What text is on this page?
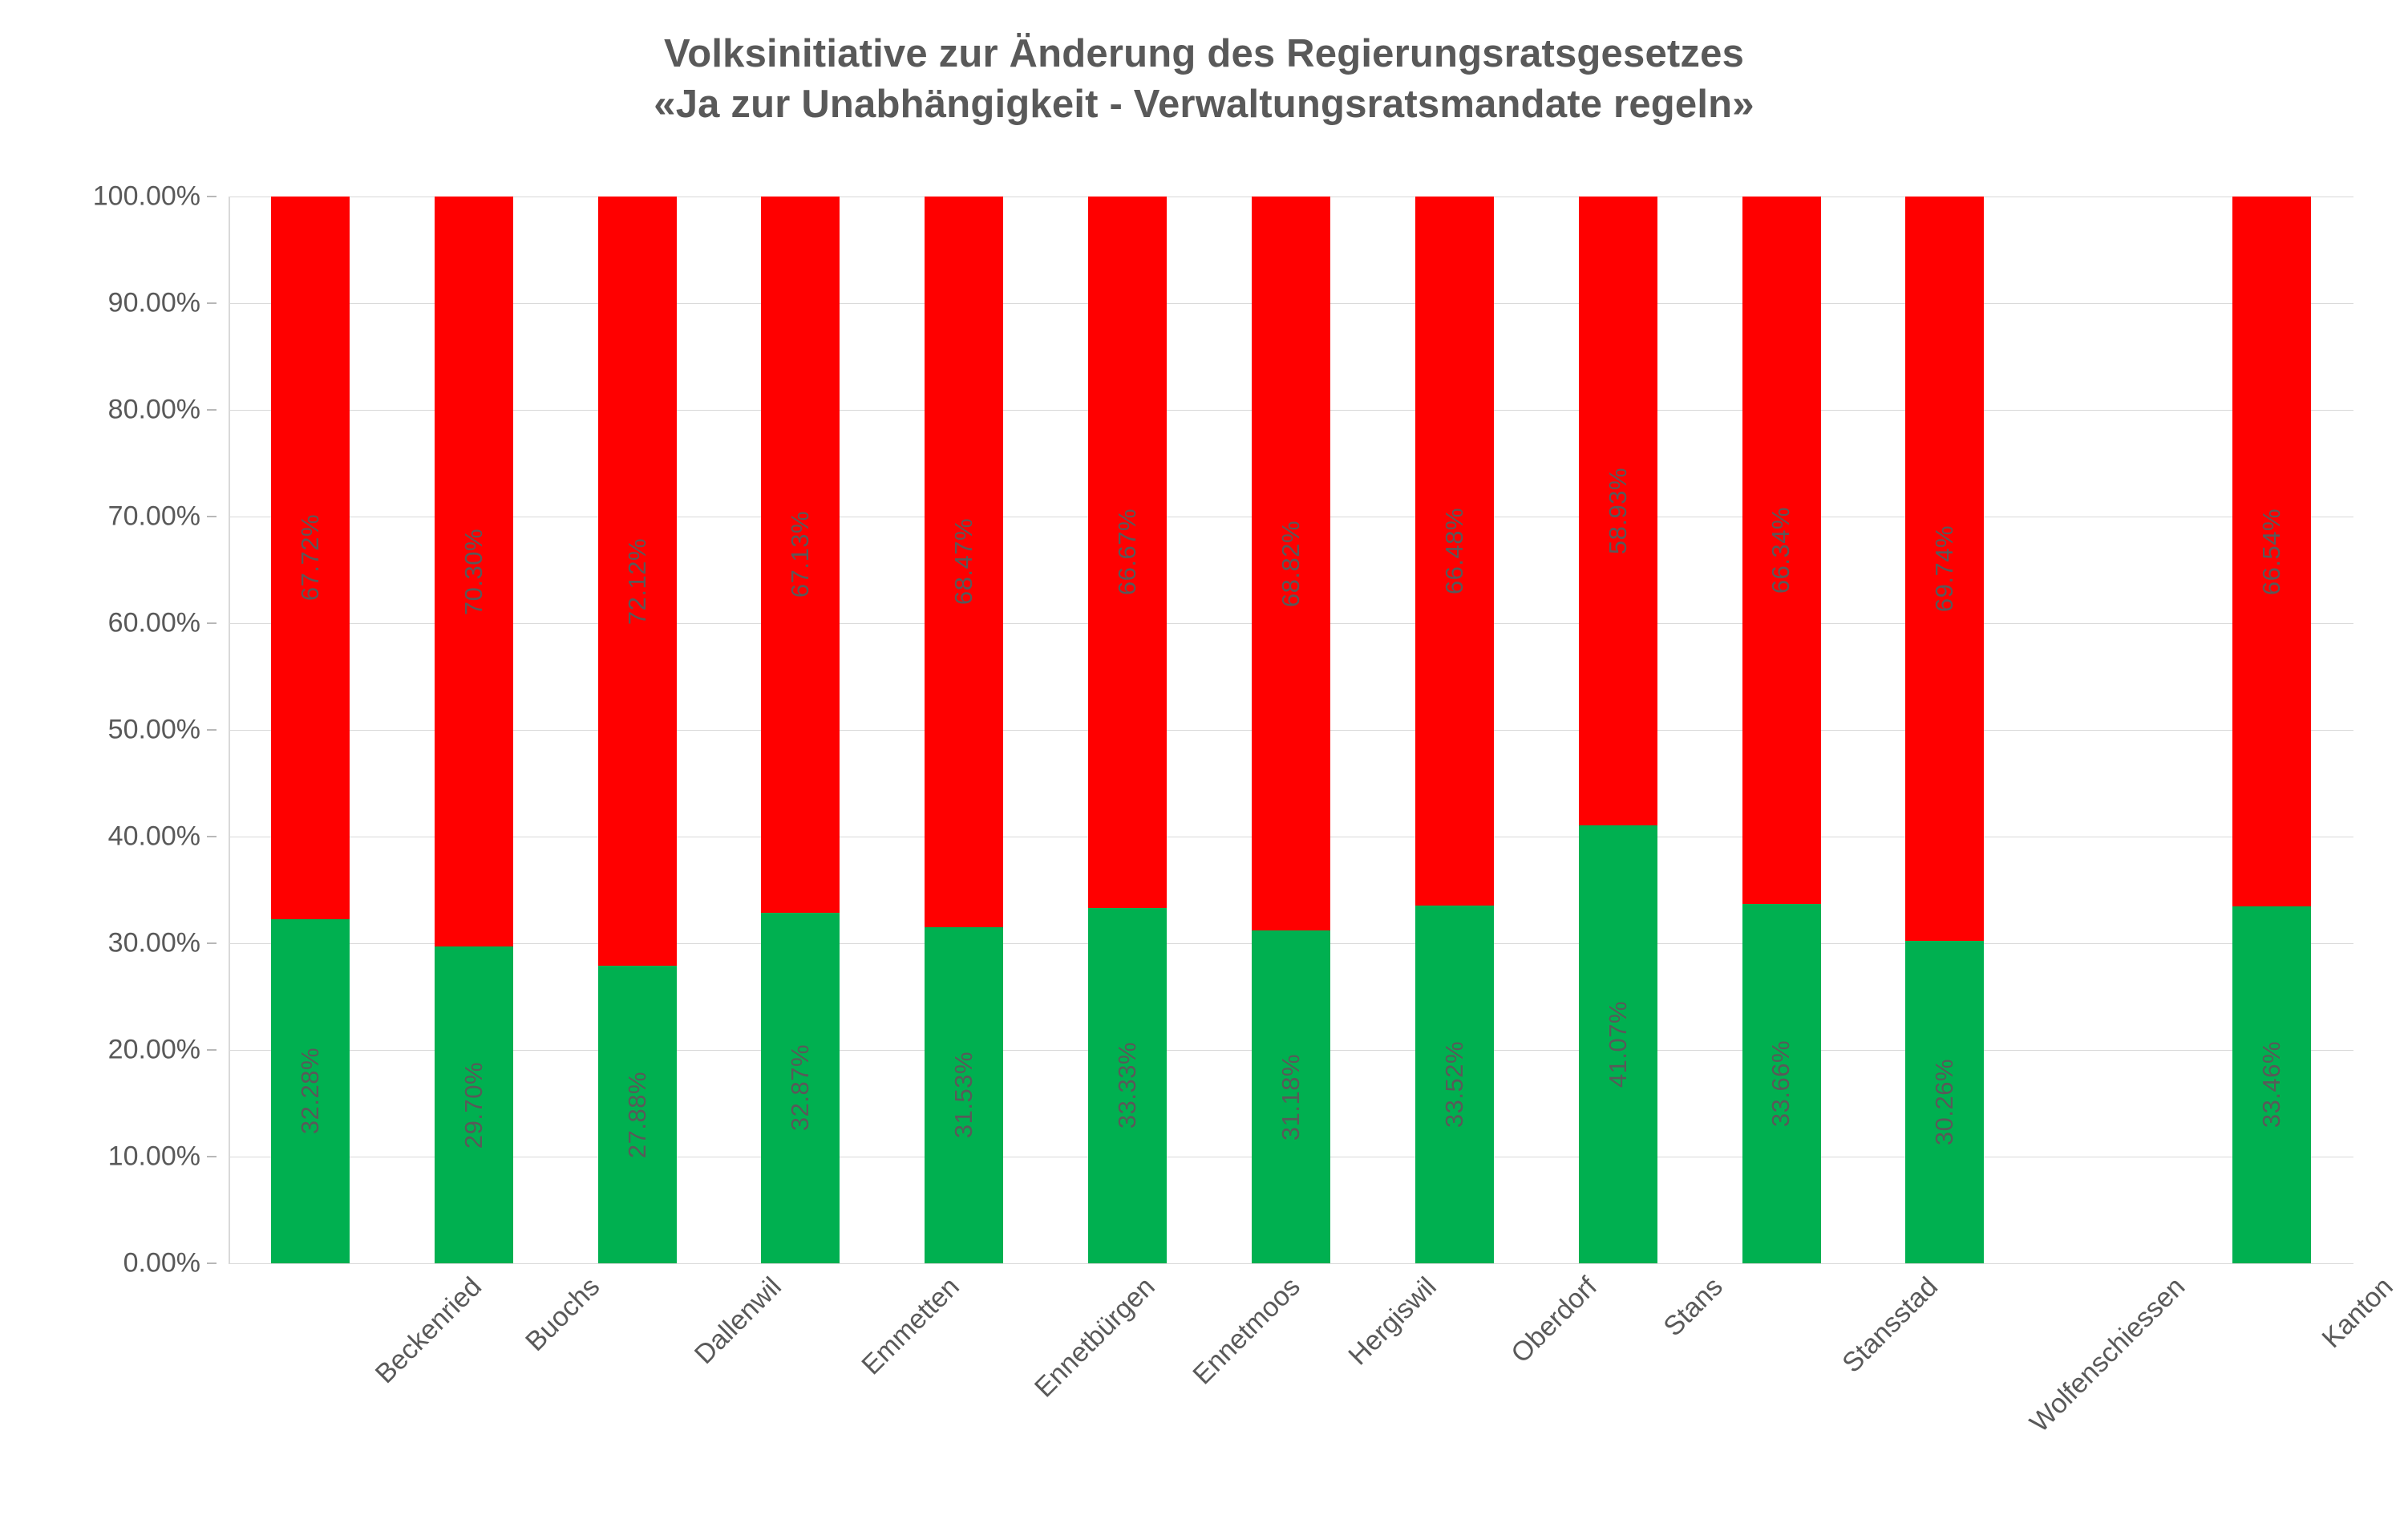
Volksinitiative zur Änderung des Regierungsratsgesetzes
«Ja zur Unabhängigkeit - Verwaltungsratsmandate regeln»
0.00%
10.00%
20.00%
30.00%
40.00%
50.00%
60.00%
70.00%
80.00%
90.00%
100.00%
67.72%
32.28%
70.30%
29.70%
72.12%
27.88%
67.13%
32.87%
68.47%
31.53%
66.67%
33.33%
68.82%
31.18%
66.48%
33.52%
58.93%
41.07%
66.34%
33.66%
69.74%
30.26%
66.54%
33.46%
Beckenried Buochs	Dallenwil	Emmetten Ennetbürgen Ennetmoos Hergiswil Oberdorf Stans	Stansstad	Wolfenschiessen	Kanton
